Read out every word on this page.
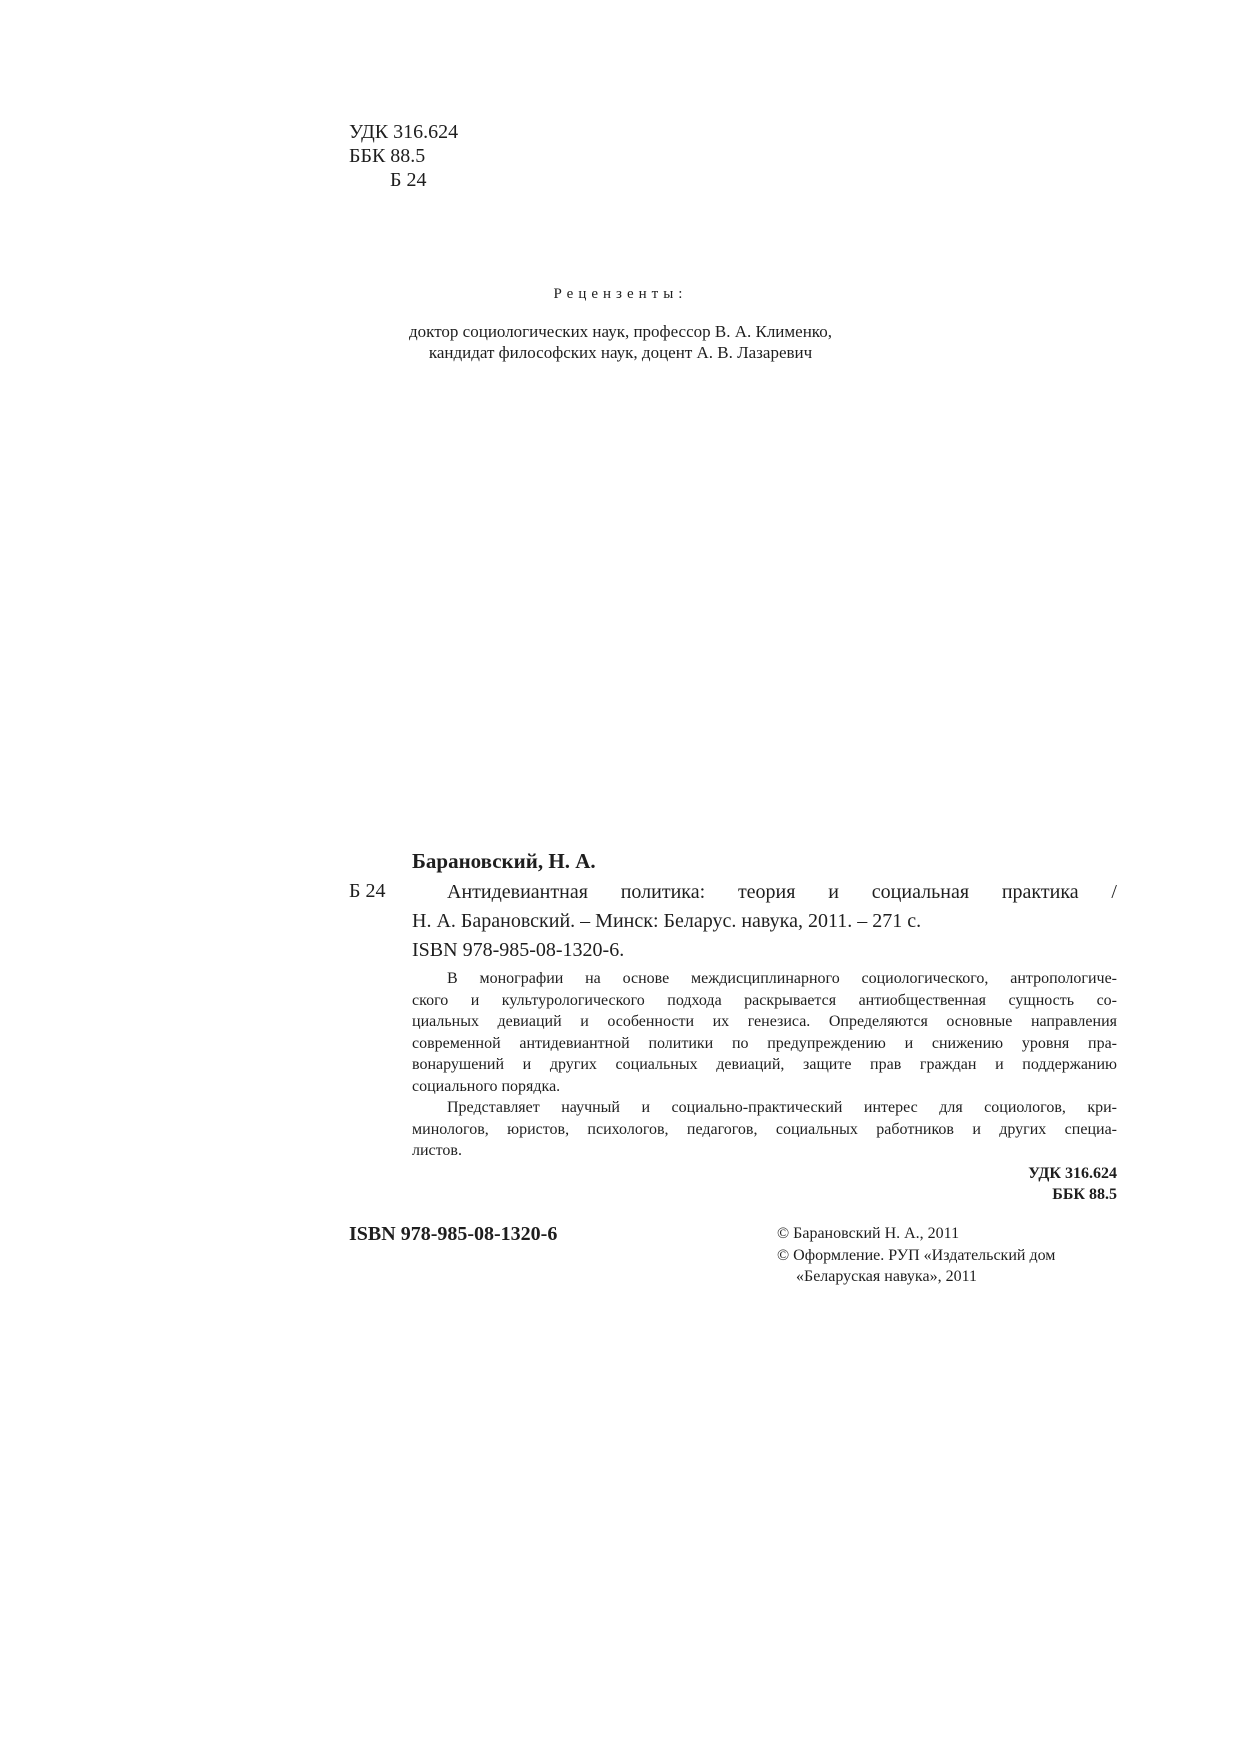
УДК 316.624
ББК 88.5
Б 24
Рецензенты:
доктор социологических наук, профессор В. А. Клименко,
кандидат философских наук, доцент А. В. Лазаревич
Барановский, Н. А.
Б 24	Антидевиантная политика: теория и социальная практика /
Н. А. Барановский. – Минск: Беларус. навука, 2011. – 271 с.
ISBN 978-985-08-1320-6.
В монографии на основе междисциплинарного социологического, антропологиче-
ского и культурологического подхода раскрывается антиобщественная сущность со-
циальных девиаций и особенности их генезиса. Определяются основные направления
современной антидевиантной политики по предупреждению и снижению уровня пра-
вонарушений и других социальных девиаций, защите прав граждан и поддержанию
социального порядка.
Представляет научный и социально-практический интерес для социологов, кри-
минологов, юристов, психологов, педагогов, социальных работников и других специа-
листов.
УДК 316.624
ББК 88.5
ISBN 978-985-08-1320-6	© Барановский Н. А., 2011
© Оформление. РУП «Издательский дом
«Беларуская навука», 2011
